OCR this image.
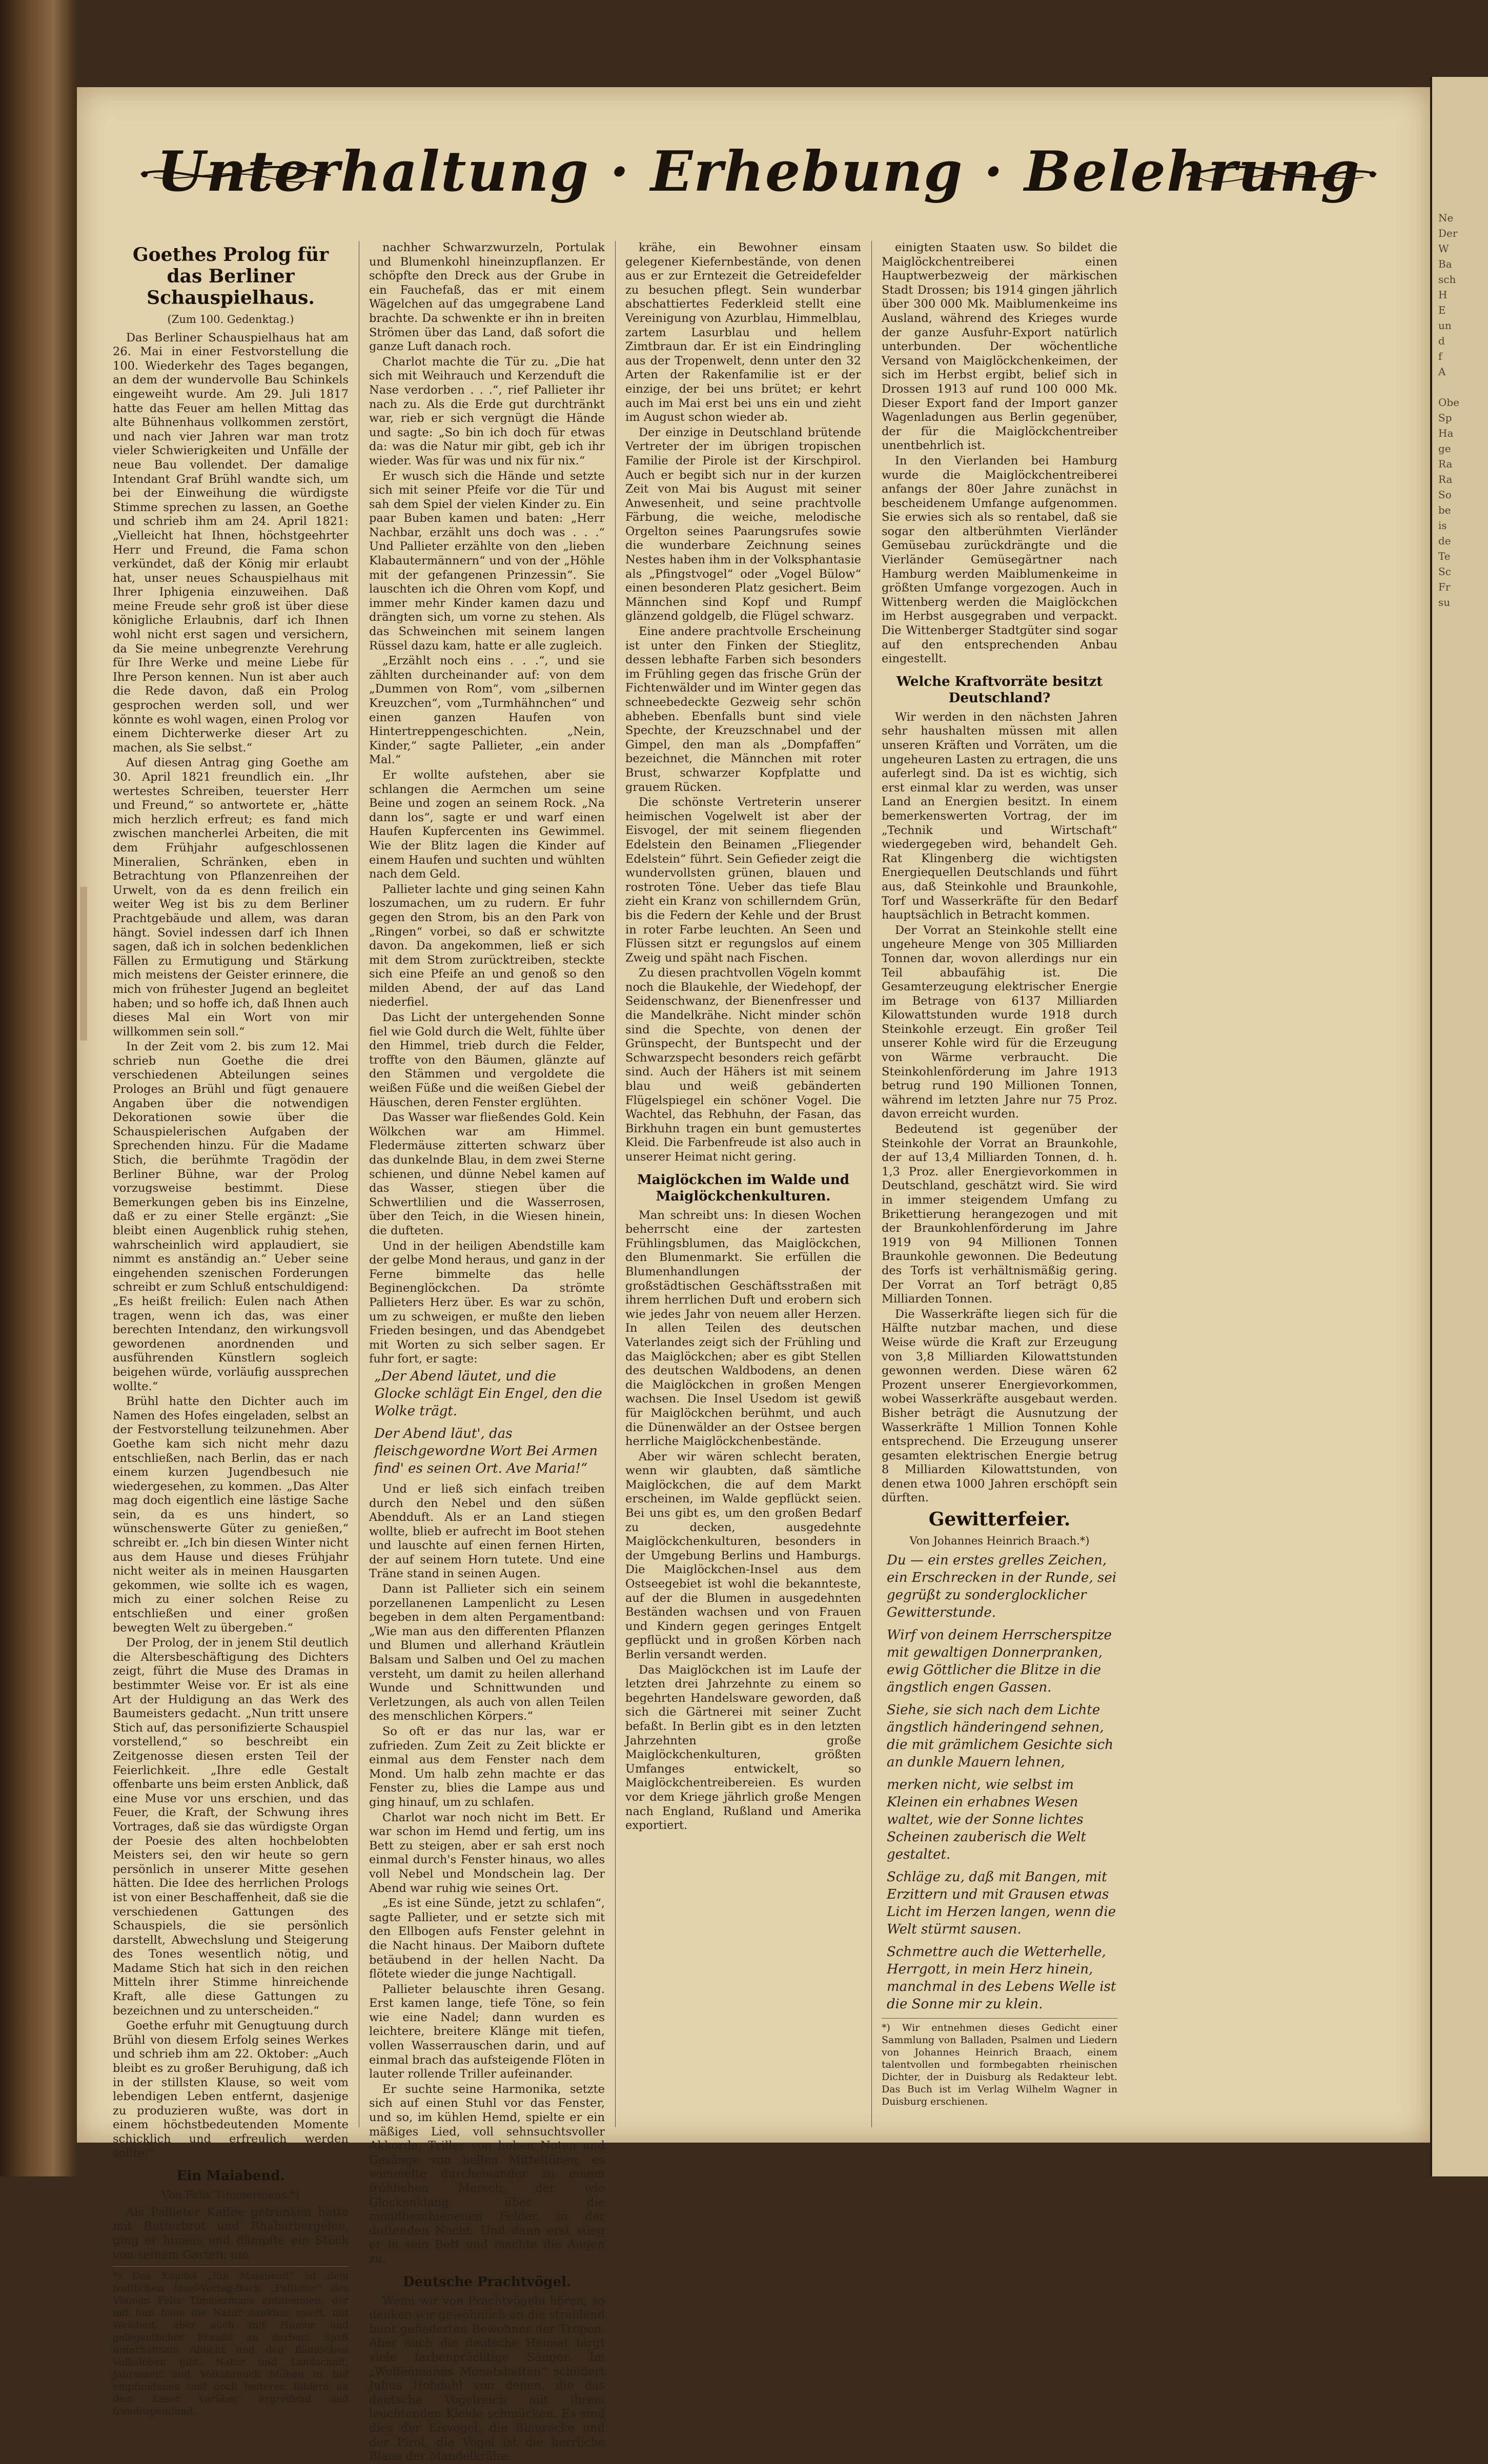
Unterhaltung · Erhebung · Belehrung
Goethes Prolog für das Berliner Schauspielhaus.
(Zum 100. Gedenktag.)

Das Berliner Schauspielhaus hat am 26. Mai in einer Festvorstellung die 100. Wiederkehr des Tages begangen, an dem der wundervolle Bau Schinkels eingeweiht wurde. Am 29. Juli 1817 hatte das Feuer am hellen Mittag das alte Bühnenhaus vollkommen zerstört, und nach vier Jahren war man trotz vieler Schwierigkeiten und Unfälle der neue Bau vollendet. Der damalige Intendant Graf Brühl wandte sich, um bei der Einweihung die würdigste Stimme sprechen zu lassen, an Goethe und schrieb ihm am 24. April 1821: „Vielleicht hat Ihnen, höchstgeehrter Herr und Freund, die Fama schon verkündet, daß der König mir erlaubt hat, unser neues Schauspielhaus mit Ihrer Iphigenia einzuweihen. Daß meine Freude sehr groß ist über diese königliche Erlaubnis, darf ich Ihnen wohl nicht erst sagen und versichern, da Sie meine unbegrenzte Verehrung für Ihre Werke und meine Liebe für Ihre Person kennen. Nun ist aber auch die Rede davon, daß ein Prolog gesprochen werden soll, und wer könnte es wohl wagen, einen Prolog vor einem Dichterwerke dieser Art zu machen, als Sie selbst.“

Auf diesen Antrag ging Goethe am 30. April 1821 freundlich ein. „Ihr wertestes Schreiben, teuerster Herr und Freund,“ so antwortete er, „hätte mich herzlich erfreut; es fand mich zwischen mancherlei Arbeiten, die mit dem Frühjahr aufgeschlossenen Mineralien, Schränken, eben in Betrachtung von Pflanzenreihen der Urwelt, von da es denn freilich ein weiter Weg ist bis zu dem Berliner Prachtgebäude und allem, was daran hängt. Soviel indessen darf ich Ihnen sagen, daß ich in solchen bedenklichen Fällen zu Ermutigung und Stärkung mich meistens der Geister erinnere, die mich von frühester Jugend an begleitet haben; und so hoffe ich, daß Ihnen auch dieses Mal ein Wort von mir willkommen sein soll.“

In der Zeit vom 2. bis zum 12. Mai schrieb nun Goethe die drei verschiedenen Abteilungen seines Prologes an Brühl und fügt genauere Angaben über die notwendigen Dekorationen sowie über die Schauspielerischen Aufgaben der Sprechenden hinzu. Für die Madame Stich, die berühmte Tragödin der Berliner Bühne, war der Prolog vorzugsweise bestimmt. Diese Bemerkungen geben bis ins Einzelne, daß er zu einer Stelle ergänzt: „Sie bleibt einen Augenblick ruhig stehen, wahrscheinlich wird applaudiert, sie nimmt es anständig an.“ Ueber seine eingehenden szenischen Forderungen schreibt er zum Schluß entschuldigend: „Es heißt freilich: Eulen nach Athen tragen, wenn ich das, was einer berechten Intendanz, den wirkungsvoll gewordenen anordnenden und ausführenden Künstlern sogleich beigehen würde, vorläufig aussprechen wollte.“

Brühl hatte den Dichter auch im Namen des Hofes eingeladen, selbst an der Festvorstellung teilzunehmen. Aber Goethe kam sich nicht mehr dazu entschließen, nach Berlin, das er nach einem kurzen Jugendbesuch nie wiedergesehen, zu kommen. „Das Alter mag doch eigentlich eine lästige Sache sein, da es uns hindert, so wünschenswerte Güter zu genießen,“ schreibt er. „Ich bin diesen Winter nicht aus dem Hause und dieses Frühjahr nicht weiter als in meinen Hausgarten gekommen, wie sollte ich es wagen, mich zu einer solchen Reise zu entschließen und einer großen bewegten Welt zu übergeben.“

Der Prolog, der in jenem Stil deutlich die Altersbeschäftigung des Dichters zeigt, führt die Muse des Dramas in bestimmter Weise vor. Er ist als eine Art der Huldigung an das Werk des Baumeisters gedacht. „Nun tritt unsere Stich auf, das personifizierte Schauspiel vorstellend,“ so beschreibt ein Zeitgenosse diesen ersten Teil der Feierlichkeit. „Ihre edle Gestalt offenbarte uns beim ersten Anblick, daß eine Muse vor uns erschien, und das Feuer, die Kraft, der Schwung ihres Vortrages, daß sie das würdigste Organ der Poesie des alten hochbelobten Meisters sei, den wir heute so gern persönlich in unserer Mitte gesehen hätten. Die Idee des herrlichen Prologs ist von einer Beschaffenheit, daß sie die verschiedenen Gattungen des Schauspiels, die sie persönlich darstellt, Abwechslung und Steigerung des Tones wesentlich nötig, und Madame Stich hat sich in den reichen Mitteln ihrer Stimme hinreichende Kraft, alle diese Gattungen zu bezeichnen und zu unterscheiden.“

Goethe erfuhr mit Genugtuung durch Brühl von diesem Erfolg seines Werkes und schrieb ihm am 22. Oktober: „Auch bleibt es zu großer Beruhigung, daß ich in der stillsten Klause, so weit vom lebendigen Leben entfernt, dasjenige zu produzieren wußte, was dort in einem höchstbedeutenden Momente schicklich und erfreulich werden sollte.“

Ein Maiabend.
Von Felix Timmermans.*)

Als Pallieter Kaffee getrunken hatte mit Butterbrot und Rhabarbergelee, ging er hinaus und dämpfte ein Stück von seinem Garten, um

*) Das Kapitel „Ein Maiabend“ ist dem trefflichen Insel-Verlag-Buch „Pallieter“ des Vlamen Felix Timmermans entnommen, der mit fein feine die Natur dankbar spielt, mit Weisheit, aber auch mit Humor und gelegentlicher Freude an derbem Spaß unterhaltsam Ablicht und den flämischen Volksleben gibt. Natur und Landschaft, Jahreszeit und Volksbrauch blühen in tief empfundenen und doch heiteren Bildern an dem Leser vorüber, ergreifend und freudespendend.

nachher Schwarzwurzeln, Portulak und Blumenkohl hineinzupflanzen. Er schöpfte den Dreck aus der Grube in ein Fauchefaß, das er mit einem Wägelchen auf das umgegrabene Land brachte. Da schwenkte er ihn in breiten Strömen über das Land, daß sofort die ganze Luft danach roch.

Charlot machte die Tür zu. „Die hat sich mit Weihrauch und Kerzenduft die Nase verdorben . . .“, rief Pallieter ihr nach zu. Als die Erde gut durchtränkt war, rieb er sich vergnügt die Hände und sagte: „So bin ich doch für etwas da: was die Natur mir gibt, geb ich ihr wieder. Was für was und nix für nix.“

Er wusch sich die Hände und setzte sich mit seiner Pfeife vor die Tür und sah dem Spiel der vielen Kinder zu. Ein paar Buben kamen und baten: „Herr Nachbar, erzählt uns doch was . . .“ Und Pallieter erzählte von den „lieben Klabautermännern“ und von der „Höhle mit der gefangenen Prinzessin“. Sie lauschten ich die Ohren vom Kopf, und immer mehr Kinder kamen dazu und drängten sich, um vorne zu stehen. Als das Schweinchen mit seinem langen Rüssel dazu kam, hatte er alle zugleich.

„Erzählt noch eins . . .“, und sie zählten durcheinander auf: von dem „Dummen von Rom“, vom „silbernen Kreuzchen“, vom „Turmhähnchen“ und einen ganzen Haufen von Hintertreppengeschichten. „Nein, Kinder,“ sagte Pallieter, „ein ander Mal.“

Er wollte aufstehen, aber sie schlangen die Aermchen um seine Beine und zogen an seinem Rock. „Na dann los“, sagte er und warf einen Haufen Kupfercenten ins Gewimmel. Wie der Blitz lagen die Kinder auf einem Haufen und suchten und wühlten nach dem Geld.

Pallieter lachte und ging seinen Kahn loszumachen, um zu rudern. Er fuhr gegen den Strom, bis an den Park von „Ringen“ vorbei, so daß er schwitzte davon. Da angekommen, ließ er sich mit dem Strom zurücktreiben, steckte sich eine Pfeife an und genoß so den milden Abend, der auf das Land niederfiel.

Das Licht der untergehenden Sonne fiel wie Gold durch die Welt, fühlte über den Himmel, trieb durch die Felder, troffte von den Bäumen, glänzte auf den Stämmen und vergoldete die weißen Füße und die weißen Giebel der Häuschen, deren Fenster erglühten.

Das Wasser war fließendes Gold. Kein Wölkchen war am Himmel. Fledermäuse zitterten schwarz über das dunkelnde Blau, in dem zwei Sterne schienen, und dünne Nebel kamen auf das Wasser, stiegen über die Schwertlilien und die Wasserrosen, über den Teich, in die Wiesen hinein, die dufteten.

Und in der heiligen Abendstille kam der gelbe Mond heraus, und ganz in der Ferne bimmelte das helle Beginenglöckchen. Da strömte Pallieters Herz über. Es war zu schön, um zu schweigen, er mußte den lieben Frieden besingen, und das Abendgebet mit Worten zu sich selber sagen. Er fuhr fort, er sagte:

„Der Abend läutet, und die Glocke schlägt Ein Engel, den die Wolke trägt.

Der Abend läut', das fleischgewordne Wort Bei Armen find' es seinen Ort. Ave Maria!“

Und er ließ sich einfach treiben durch den Nebel und den süßen Abendduft. Als er an Land stiegen wollte, blieb er aufrecht im Boot stehen und lauschte auf einen fernen Hirten, der auf seinem Horn tutete. Und eine Träne stand in seinen Augen.

Dann ist Pallieter sich ein seinem porzellanenen Lampenlicht zu Lesen begeben in dem alten Pergamentband: „Wie man aus den differenten Pflanzen und Blumen und allerhand Kräutlein Balsam und Salben und Oel zu machen versteht, um damit zu heilen allerhand Wunde und Schnittwunden und Verletzungen, als auch von allen Teilen des menschlichen Körpers.“

So oft er das nur las, war er zufrieden. Zum Zeit zu Zeit blickte er einmal aus dem Fenster nach dem Mond. Um halb zehn machte er das Fenster zu, blies die Lampe aus und ging hinauf, um zu schlafen.

Charlot war noch nicht im Bett. Er war schon im Hemd und fertig, um ins Bett zu steigen, aber er sah erst noch einmal durch's Fenster hinaus, wo alles voll Nebel und Mondschein lag. Der Abend war ruhig wie seines Ort.

„Es ist eine Sünde, jetzt zu schlafen“, sagte Pallieter, und er setzte sich mit den Ellbogen aufs Fenster gelehnt in die Nacht hinaus. Der Maiborn duftete betäubend in der hellen Nacht. Da flötete wieder die junge Nachtigall.

Pallieter belauschte ihren Gesang. Erst kamen lange, tiefe Töne, so fein wie eine Nadel; dann wurden es leichtere, breitere Klänge mit tiefen, vollen Wasserrauschen darin, und auf einmal brach das aufsteigende Flöten in lauter rollende Triller aufeinander.

Er suchte seine Harmonika, setzte sich auf einen Stuhl vor das Fenster, und so, im kühlen Hemd, spielte er ein mäßiges Lied, voll sehnsuchtsvoller Akkorde, Triller von hohen Noten und Gesänge von hellen Mitteltönen, es wimmelte durcheinander zu einem fröhlichen Marsch, der wie Glockenklang über die mondbeschienenen Felder, in der duftenden Nacht. Und dann erst stieg er in sein Bett und machte die Augen zu.

Deutsche Prachtvögel.

Wenn wir von Prachtvögeln hören, so denken wir gewöhnlich an die strahlend bunt gefiederten Bewohner der Tropen. Aber auch die deutsche Heimat birgt viele farbenprächtige Sänger. Im „Wolfenmanns Monatsheften“ schildert Julius Hohdahl von denen, die das deutsche Vogelreich mit ihrem leuchtenden Kleide schmücken. Es sind dies der Eisvogel, die Blauracke und der Pirol, die Vögel ist die herrliche Blaue der Mandelkrähe.

krähe, ein Bewohner einsam gelegener Kiefernbestände, von denen aus er zur Erntezeit die Getreidefelder zu besuchen pflegt. Sein wunderbar abschattiertes Federkleid stellt eine Vereinigung von Azurblau, Himmelblau, zartem Lasurblau und hellem Zimtbraun dar. Er ist ein Eindringling aus der Tropenwelt, denn unter den 32 Arten der Rakenfamilie ist er der einzige, der bei uns brütet; er kehrt auch im Mai erst bei uns ein und zieht im August schon wieder ab.

Der einzige in Deutschland brütende Vertreter der im übrigen tropischen Familie der Pirole ist der Kirschpirol. Auch er begibt sich nur in der kurzen Zeit von Mai bis August mit seiner Anwesenheit, und seine prachtvolle Färbung, die weiche, melodische Orgelton seines Paarungsrufes sowie die wunderbare Zeichnung seines Nestes haben ihm in der Volksphantasie als „Pfingstvogel“ oder „Vogel Bülow“ einen besonderen Platz gesichert. Beim Männchen sind Kopf und Rumpf glänzend goldgelb, die Flügel schwarz.

Eine andere prachtvolle Erscheinung ist unter den Finken der Stieglitz, dessen lebhafte Farben sich besonders im Frühling gegen das frische Grün der Fichtenwälder und im Winter gegen das schneebedeckte Gezweig sehr schön abheben. Ebenfalls bunt sind viele Spechte, der Kreuzschnabel und der Gimpel, den man als „Dompfaffen“ bezeichnet, die Männchen mit roter Brust, schwarzer Kopfplatte und grauem Rücken.

Die schönste Vertreterin unserer heimischen Vogelwelt ist aber der Eisvogel, der mit seinem fliegenden Edelstein den Beinamen „Fliegender Edelstein“ führt. Sein Gefieder zeigt die wundervollsten grünen, blauen und rostroten Töne. Ueber das tiefe Blau zieht ein Kranz von schillerndem Grün, bis die Federn der Kehle und der Brust in roter Farbe leuchten. An Seen und Flüssen sitzt er regungslos auf einem Zweig und späht nach Fischen.

Zu diesen prachtvollen Vögeln kommt noch die Blaukehle, der Wiedehopf, der Seidenschwanz, der Bienenfresser und die Mandelkrähe. Nicht minder schön sind die Spechte, von denen der Grünspecht, der Buntspecht und der Schwarzspecht besonders reich gefärbt sind. Auch der Hähers ist mit seinem blau und weiß gebänderten Flügelspiegel ein schöner Vogel. Die Wachtel, das Rebhuhn, der Fasan, das Birkhuhn tragen ein bunt gemustertes Kleid. Die Farbenfreude ist also auch in unserer Heimat nicht gering.

Maiglöckchen im Walde und Maiglöckchenkulturen.

Man schreibt uns: In diesen Wochen beherrscht eine der zartesten Frühlingsblumen, das Maiglöckchen, den Blumenmarkt. Sie erfüllen die Blumenhandlungen der großstädtischen Geschäftsstraßen mit ihrem herrlichen Duft und erobern sich wie jedes Jahr von neuem aller Herzen. In allen Teilen des deutschen Vaterlandes zeigt sich der Frühling und das Maiglöckchen; aber es gibt Stellen des deutschen Waldbodens, an denen die Maiglöckchen in großen Mengen wachsen. Die Insel Usedom ist gewiß für Maiglöckchen berühmt, und auch die Dünenwälder an der Ostsee bergen herrliche Maiglöckchenbestände.

Aber wir wären schlecht beraten, wenn wir glaubten, daß sämtliche Maiglöckchen, die auf dem Markt erscheinen, im Walde gepflückt seien. Bei uns gibt es, um den großen Bedarf zu decken, ausgedehnte Maiglöckchenkulturen, besonders in der Umgebung Berlins und Hamburgs. Die Maiglöckchen-Insel aus dem Ostseegebiet ist wohl die bekannteste, auf der die Blumen in ausgedehnten Beständen wachsen und von Frauen und Kindern gegen geringes Entgelt gepflückt und in großen Körben nach Berlin versandt werden.

Das Maiglöckchen ist im Laufe der letzten drei Jahrzehnte zu einem so begehrten Handelsware geworden, daß sich die Gärtnerei mit seiner Zucht befaßt. In Berlin gibt es in den letzten Jahrzehnten große Maiglöckchenkulturen, größten Umfanges entwickelt, so Maiglöckchentreibereien. Es wurden vor dem Kriege jährlich große Mengen nach England, Rußland und Amerika exportiert.

einigten Staaten usw. So bildet die Maiglöckchentreiberei einen Hauptwerbezweig der märkischen Stadt Drossen; bis 1914 gingen jährlich über 300 000 Mk. Maiblumenkeime ins Ausland, während des Krieges wurde der ganze Ausfuhr-Export natürlich unterbunden. Der wöchentliche Versand von Maiglöckchenkeimen, der sich im Herbst ergibt, belief sich in Drossen 1913 auf rund 100 000 Mk. Dieser Export fand der Import ganzer Wagenladungen aus Berlin gegenüber, der für die Maiglöckchentreiber unentbehrlich ist.

In den Vierlanden bei Hamburg wurde die Maiglöckchentreiberei anfangs der 80er Jahre zunächst in bescheidenem Umfange aufgenommen. Sie erwies sich als so rentabel, daß sie sogar den altberühmten Vierländer Gemüsebau zurückdrängte und die Vierländer Gemüsegärtner nach Hamburg werden Maiblumenkeime in größten Umfange vorgezogen. Auch in Wittenberg werden die Maiglöckchen im Herbst ausgegraben und verpackt. Die Wittenberger Stadtgüter sind sogar auf den entsprechenden Anbau eingestellt.

Welche Kraftvorräte besitzt Deutschland?

Wir werden in den nächsten Jahren sehr haushalten müssen mit allen unseren Kräften und Vorräten, um die ungeheuren Lasten zu ertragen, die uns auferlegt sind. Da ist es wichtig, sich erst einmal klar zu werden, was unser Land an Energien besitzt. In einem bemerkenswerten Vortrag, der im „Technik und Wirtschaft“ wiedergegeben wird, behandelt Geh. Rat Klingenberg die wichtigsten Energiequellen Deutschlands und führt aus, daß Steinkohle und Braunkohle, Torf und Wasserkräfte für den Bedarf hauptsächlich in Betracht kommen.

Der Vorrat an Steinkohle stellt eine ungeheure Menge von 305 Milliarden Tonnen dar, wovon allerdings nur ein Teil abbaufähig ist. Die Gesamterzeugung elektrischer Energie im Betrage von 6137 Milliarden Kilowattstunden wurde 1918 durch Steinkohle erzeugt. Ein großer Teil unserer Kohle wird für die Erzeugung von Wärme verbraucht. Die Steinkohlenförderung im Jahre 1913 betrug rund 190 Millionen Tonnen, während im letzten Jahre nur 75 Proz. davon erreicht wurden.

Bedeutend ist gegenüber der Steinkohle der Vorrat an Braunkohle, der auf 13,4 Milliarden Tonnen, d. h. 1,3 Proz. aller Energievorkommen in Deutschland, geschätzt wird. Sie wird in immer steigendem Umfang zu Brikettierung herangezogen und mit der Braunkohlenförderung im Jahre 1919 von 94 Millionen Tonnen Braunkohle gewonnen. Die Bedeutung des Torfs ist verhältnismäßig gering. Der Vorrat an Torf beträgt 0,85 Milliarden Tonnen.

Die Wasserkräfte liegen sich für die Hälfte nutzbar machen, und diese Weise würde die Kraft zur Erzeugung von 3,8 Milliarden Kilowattstunden gewonnen werden. Diese wären 62 Prozent unserer Energievorkommen, wobei Wasserkräfte ausgebaut werden. Bisher beträgt die Ausnutzung der Wasserkräfte 1 Million Tonnen Kohle entsprechend. Die Erzeugung unserer gesamten elektrischen Energie betrug 8 Milliarden Kilowattstunden, von denen etwa 1000 Jahren erschöpft sein dürften.

Gewitterfeier.
Von Johannes Heinrich Braach.*)

Du — ein erstes grelles Zeichen, ein Erschrecken in der Runde, sei gegrüßt zu sonderglocklicher Gewitterstunde.

Wirf von deinem Herrscherspitze mit gewaltigen Donnerpranken, ewig Göttlicher die Blitze in die ängstlich engen Gassen.

Siehe, sie sich nach dem Lichte ängstlich händeringend sehnen, die mit grämlichem Gesichte sich an dunkle Mauern lehnen,

merken nicht, wie selbst im Kleinen ein erhabnes Wesen waltet, wie der Sonne lichtes Scheinen zauberisch die Welt gestaltet.

Schläge zu, daß mit Bangen, mit Erzittern und mit Grausen etwas Licht im Herzen langen, wenn die Welt stürmt sausen.

Schmettre auch die Wetterhelle, Herrgott, in mein Herz hinein, manchmal in des Lebens Welle ist die Sonne mir zu klein.

*) Wir entnehmen dieses Gedicht einer Sammlung von Balladen, Psalmen und Liedern von Johannes Heinrich Braach, einem talentvollen und formbegabten rheinischen Dichter, der in Duisburg als Redakteur lebt. Das Buch ist im Verlag Wilhelm Wagner in Duisburg erschienen.
Ne
Der
W
Ba
sch
H
E
un
d
f
A

Obe
Sp
Ha
ge
Ra
Ra
So
be
is
de
Te
Sc
Fr
su
